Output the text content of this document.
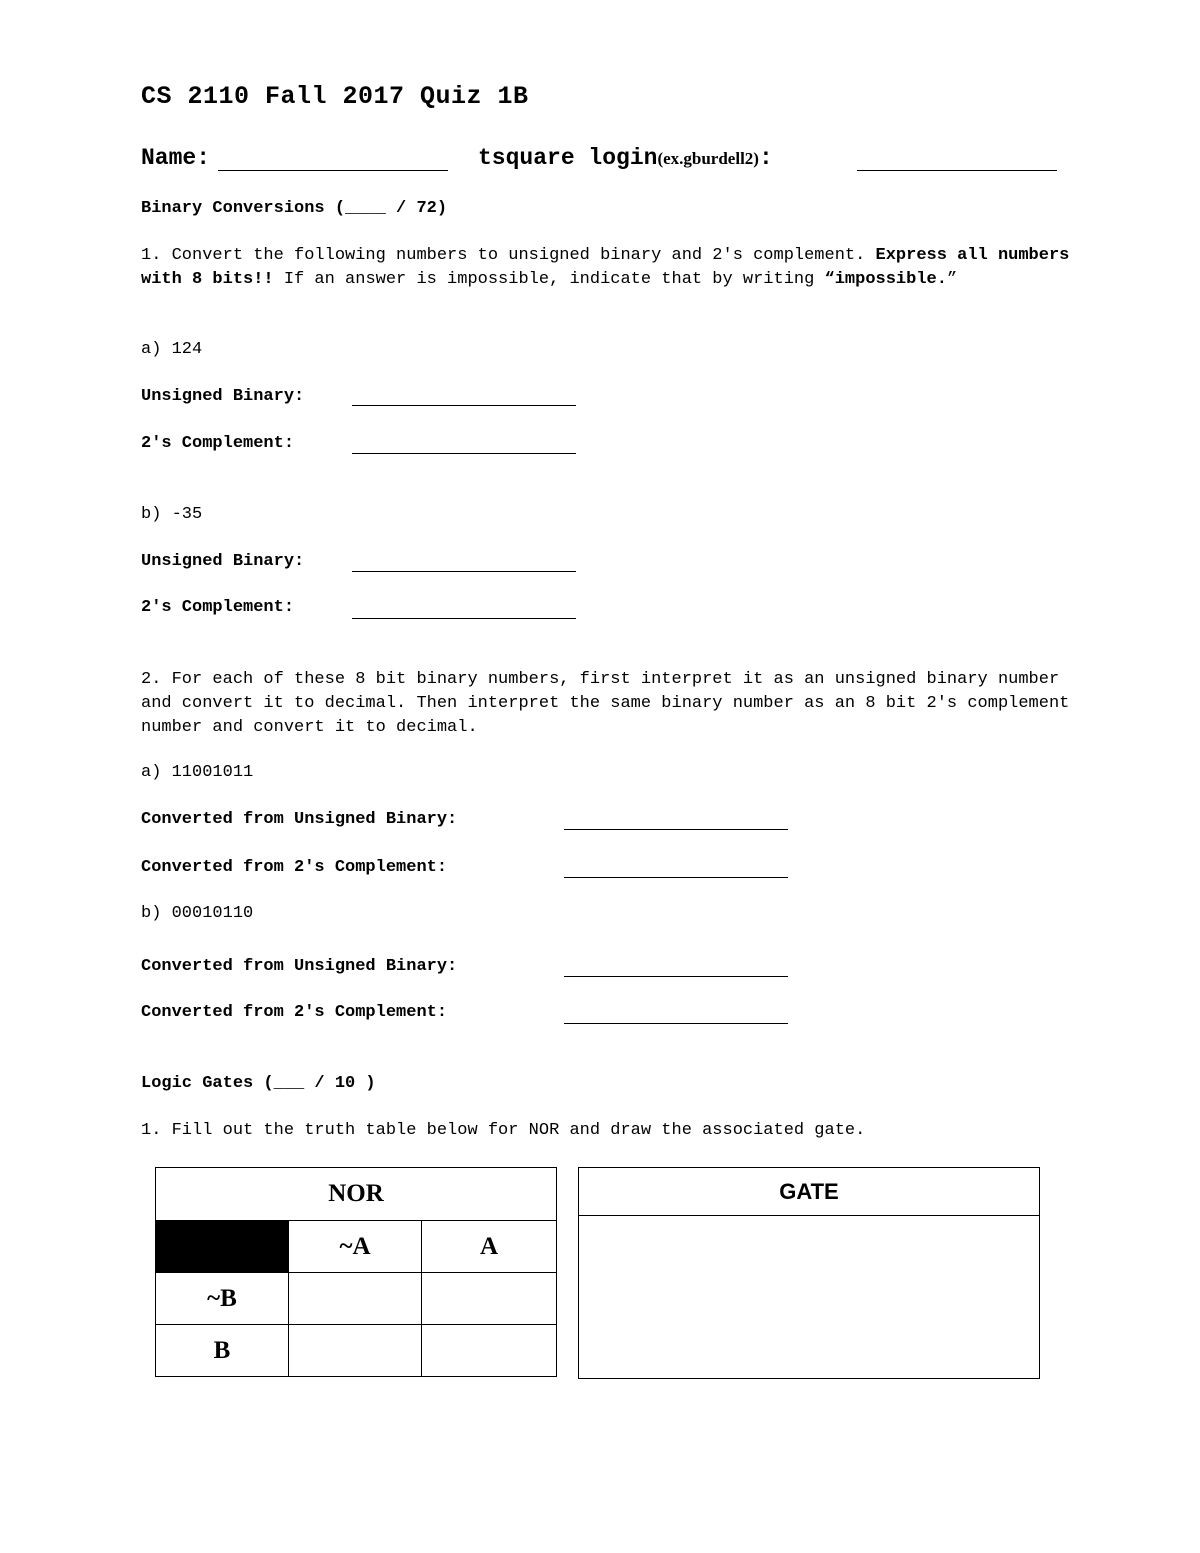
CS 2110 Fall 2017 Quiz 1B
Name:	tsquare login(ex.gburdell2):
Binary Conversions (____ / 72)
1. Convert the following numbers to unsigned binary and 2's complement. Express all numbers with 8 bits!! If an answer is impossible, indicate that by writing “impossible.”
a) 124
Unsigned Binary:
2's Complement:
b) -35
Unsigned Binary:
2's Complement:
2. For each of these 8 bit binary numbers, first interpret it as an unsigned binary number and convert it to decimal. Then interpret the same binary number as an 8 bit 2's complement number and convert it to decimal.
a) 11001011
Converted from Unsigned Binary:
Converted from 2's Complement:
b) 00010110
Converted from Unsigned Binary:
Converted from 2's Complement:
Logic Gates (___ / 10 )
1. Fill out the truth table below for NOR and draw the associated gate.
NOR		
	~A	A
~B		
B		
GATE
